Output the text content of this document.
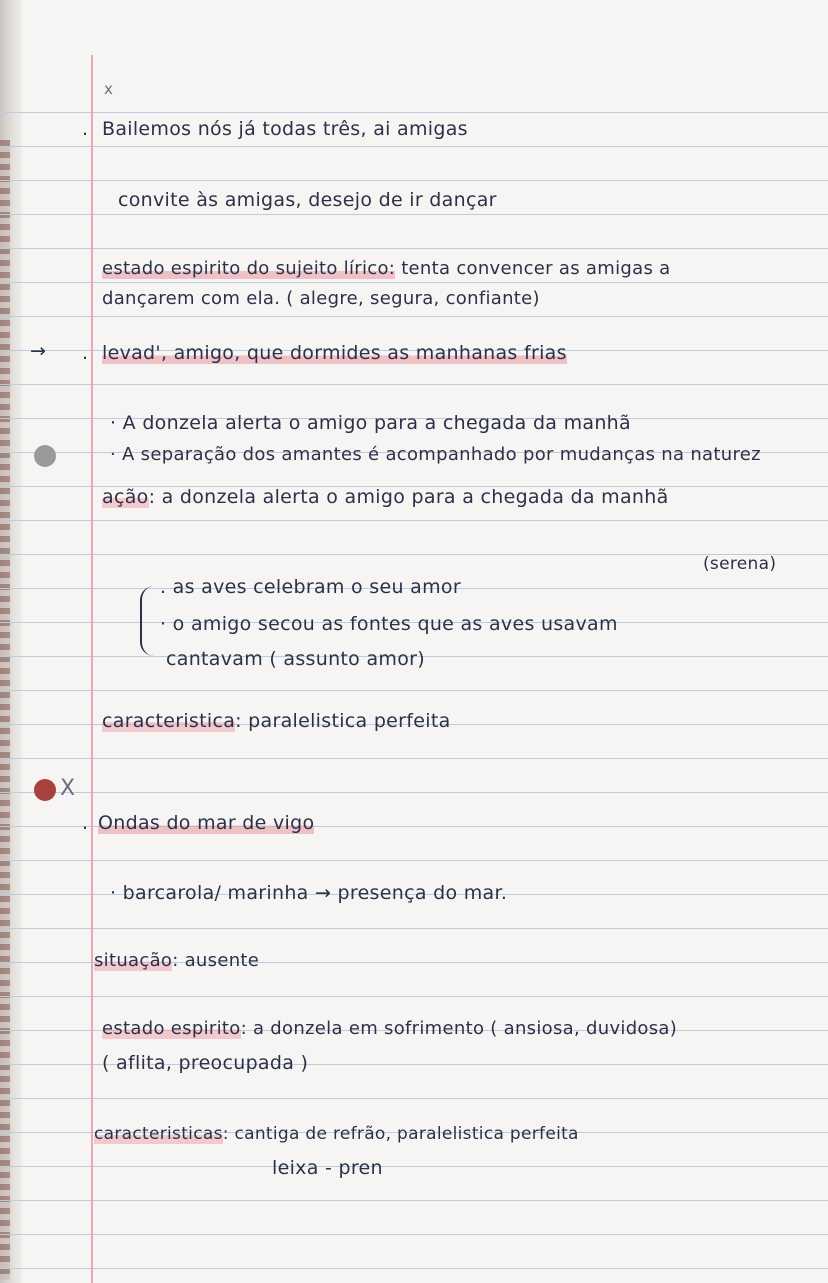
x
.
→ .
X
.
Bailemos nós já todas três, ai amigas
convite às amigas, desejo de ir dançar
estado espirito do sujeito lírico: tenta convencer as amigas a
dançarem com ela. ( alegre, segura, confiante)
levad', amigo, que dormides as manhanas frias
· A donzela alerta o amigo para a chegada da manhã
· A separação dos amantes é acompanhado por mudanças na naturez
ação: a donzela alerta o amigo para a chegada da manhã
(serena)
. as aves celebram o seu amor
· o amigo secou as fontes que as aves usavam
cantavam ( assunto amor)
caracteristica: paralelistica perfeita
Ondas do mar de vigo
· barcarola/ marinha → presença do mar.
situação: ausente
estado espirito: a donzela em sofrimento ( ansiosa, duvidosa)
( aflita, preocupada )
caracteristicas: cantiga de refrão, paralelistica perfeita
leixa - pren
